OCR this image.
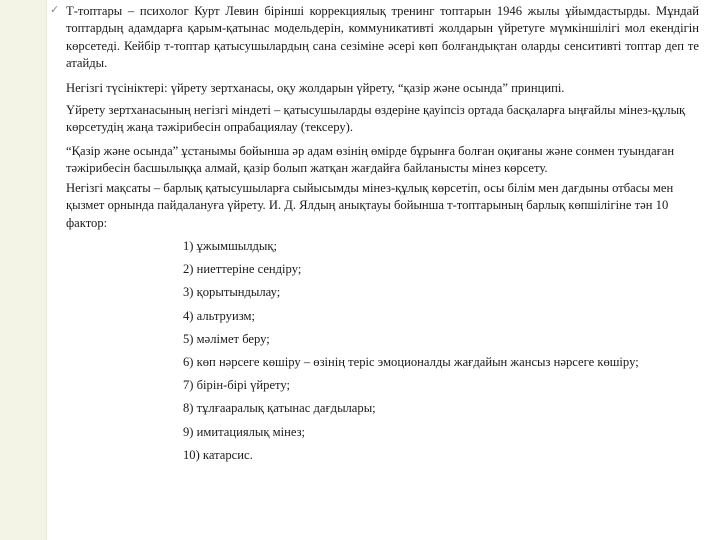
✓ Т-топтары – психолог Курт Левин бірінші коррекциялық тренинг топтарын 1946 жылы ұйымдастырды. Мұндай топтардың адамдарға қарым-қатынас модельдерін, коммуникативті жолдарын үйретуге мүмкіншілігі мол екендігін көрсетеді. Кейбір т-топтар қатысушылардың сана сезіміне әсері көп болғандықтан оларды сенситивті топтар деп те атайды.

Негізгі түсініктері: үйрету зертханасы, оқу жолдарын үйрету, “қазір және осында” принципі.

Үйрету зертханасының негізгі міндеті – қатысушыларды өздеріне қауіпсіз ортада басқаларға ыңғайлы мінез-құлық көрсетудің жаңа тәжірибесін опрабациялау (тексеру).

“Қазір және осында” ұстанымы бойынша әр адам өзінің өмірде бұрынға болған оқиғаны және сонмен туындаған тәжірибесін басшылыққа алмай, қазір болып жатқан жағдайға байланысты мінез көрсету.

Негізгі мақсаты – барлық қатысушыларға сыйысымды мінез-құлық көрсетіп, осы білім мен дағдыны отбасы мен қызмет орнында пайдалануға үйрету. И. Д. Ялдың анықтауы бойынша т-топтарының барлық көпшілігіне тән 10 фактор:

1) ұжымшылдық;
2) ниеттеріне сендіру;
3) қорытындылау;
4) альтруизм;
5) мәлімет беру;
6) көп нәрсеге көшіру – өзінің теріс эмоционалды жағдайын жансыз нәрсеге көшіру;
7) бірін-бірі үйрету;
8) тұлғааралық қатынас дағдылары;
9) имитациялық мінез;
10) катарсис.
